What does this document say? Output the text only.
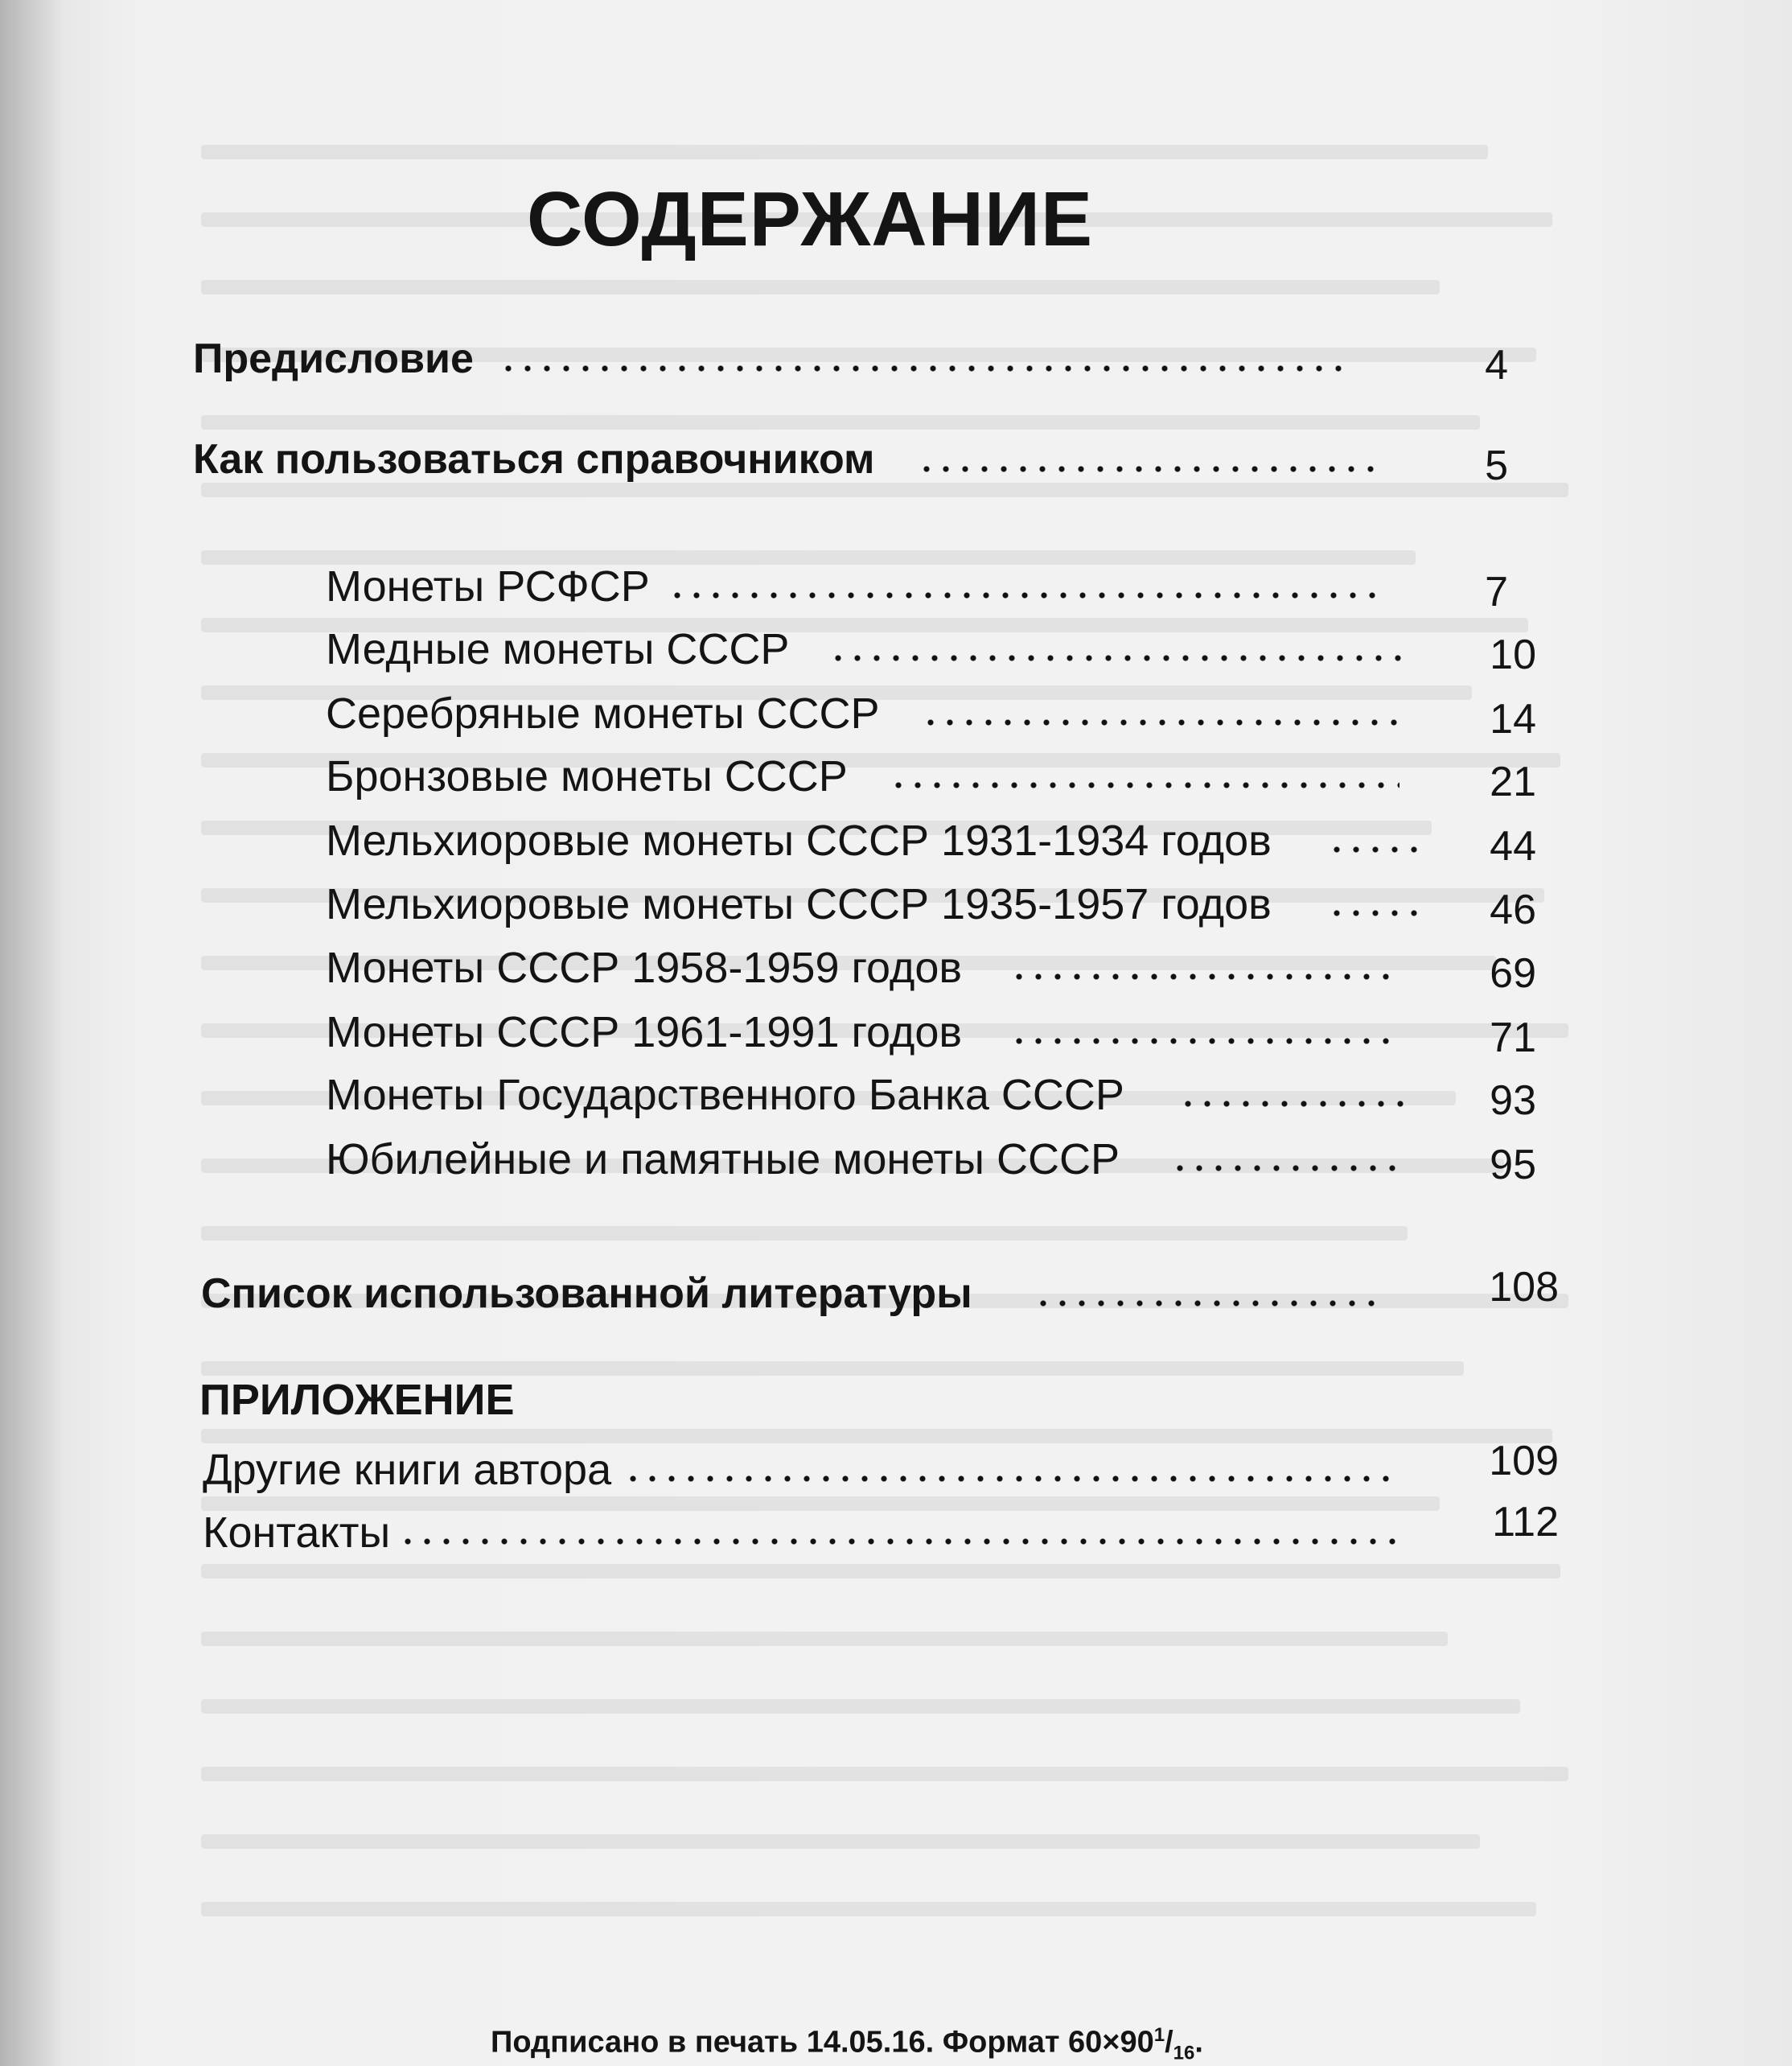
СОДЕРЖАНИЕ
Предисловие	4
Как пользоваться справочником	5
Монеты РСФСР	7
Медные монеты СССР	10
Серебряные монеты СССР	14
Бронзовые монеты СССР	21
Мельхиоровые монеты СССР 1931-1934 годов	44
Мельхиоровые монеты СССР 1935-1957 годов	46
Монеты СССР 1958-1959 годов	69
Монеты СССР 1961-1991 годов	71
Монеты Государственного Банка СССР	93
Юбилейные и памятные монеты СССР	95
Список использованной литературы	108
ПРИЛОЖЕНИЕ
Другие книги автора	109
Контакты	112
Подписано в печать 14.05.16. Формат $60\times 90^1/_{16}$.
